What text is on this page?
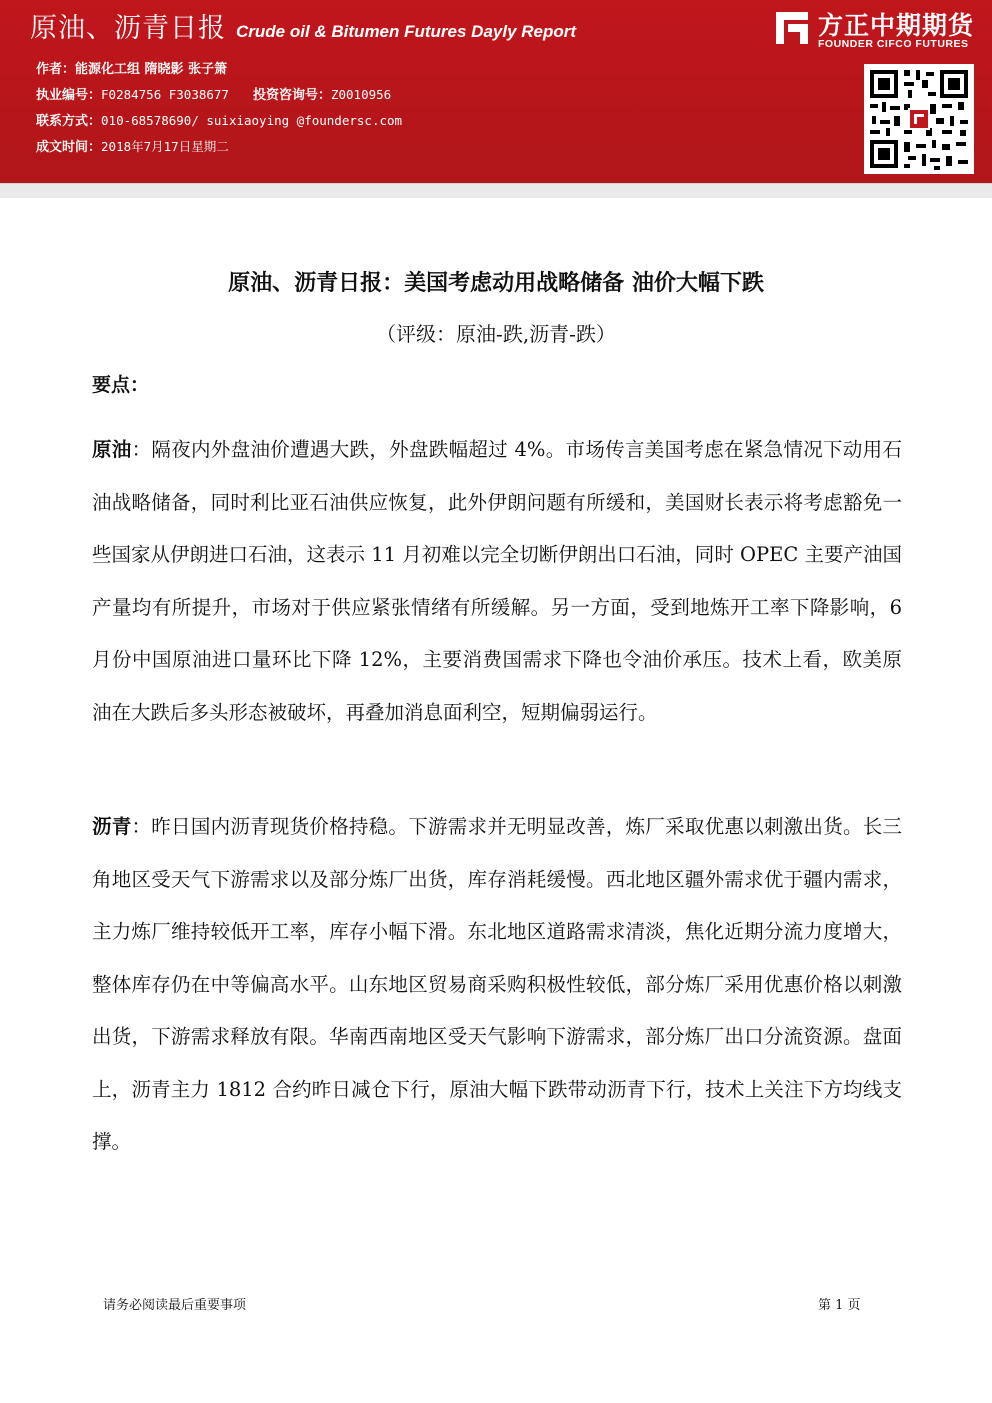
原油、沥青日报 Crude oil & Bitumen Futures Dayly Report
作者：能源化工组 隋晓影 张子箫
执业编号：F0284756 F3038677 投资咨询号：Z0010956
联系方式：010-68578690/ suixiaoying @foundersc.com
成文时间：2018年7月17日星期二
方正中期期货
FOUNDER CIFCO FUTURES
原油、沥青日报：美国考虑动用战略储备 油价大幅下跌
（评级：原油-跌,沥青-跌）
要点：
原油：隔夜内外盘油价遭遇大跌，外盘跌幅超过 4%。市场传言美国考虑在紧急情况下动用石油战略储备，同时利比亚石油供应恢复，此外伊朗问题有所缓和，美国财长表示将考虑豁免一些国家从伊朗进口石油，这表示 11 月初难以完全切断伊朗出口石油，同时 OPEC 主要产油国产量均有所提升，市场对于供应紧张情绪有所缓解。另一方面，受到地炼开工率下降影响，6 月份中国原油进口量环比下降 12%，主要消费国需求下降也令油价承压。技术上看，欧美原油在大跌后多头形态被破坏，再叠加消息面利空，短期偏弱运行。
沥青：昨日国内沥青现货价格持稳。下游需求并无明显改善，炼厂采取优惠以刺激出货。长三角地区受天气下游需求以及部分炼厂出货，库存消耗缓慢。西北地区疆外需求优于疆内需求，主力炼厂维持较低开工率，库存小幅下滑。东北地区道路需求清淡，焦化近期分流力度增大，整体库存仍在中等偏高水平。山东地区贸易商采购积极性较低，部分炼厂采用优惠价格以刺激出货，下游需求释放有限。华南西南地区受天气影响下游需求，部分炼厂出口分流资源。盘面上，沥青主力 1812 合约昨日减仓下行，原油大幅下跌带动沥青下行，技术上关注下方均线支撑。
请务必阅读最后重要事项	第 1 页
